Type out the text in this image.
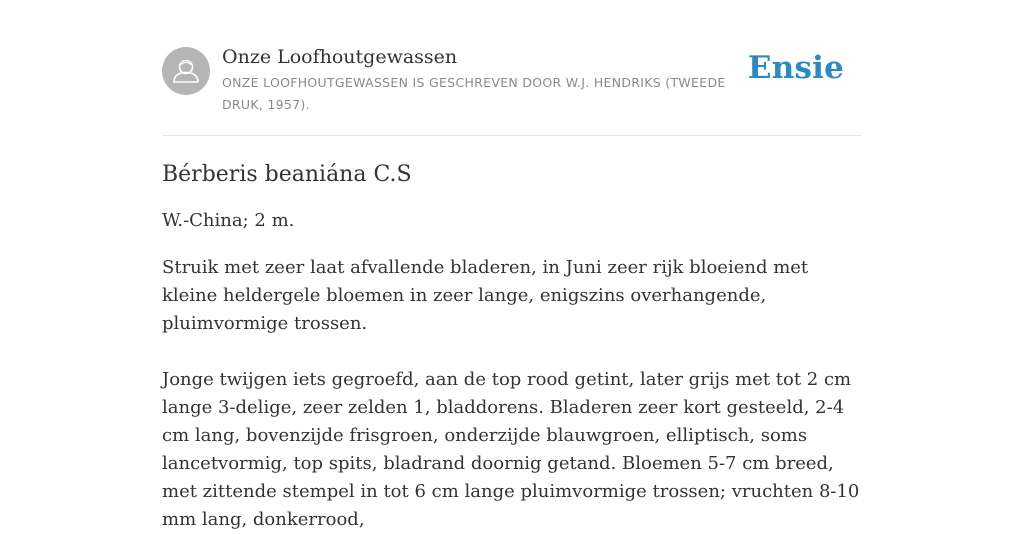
Onze Loofhoutgewassen
ONZE LOOFHOUTGEWASSEN IS GESCHREVEN DOOR W.J. HENDRIKS (TWEEDE DRUK, 1957).
Ensie
Bérberis beaniána C.S

W.-China; 2 m.

Struik met zeer laat afvallende bladeren, in Juni zeer rijk bloeiend met kleine heldergele bloemen in zeer lange, enigszins overhangende, pluimvormige trossen.

Jonge twijgen iets gegroefd, aan de top rood getint, later grijs met tot 2 cm lange 3-delige, zeer zelden 1, bladdorens. Bladeren zeer kort gesteeld, 2-4 cm lang, bovenzijde frisgroen, onderzijde blauwgroen, elliptisch, soms lancetvormig, top spits, bladrand doornig getand. Bloemen 5-7 cm breed, met zittende stempel in tot 6 cm lange pluimvormige trossen; vruchten 8-10 mm lang, donkerrood,
